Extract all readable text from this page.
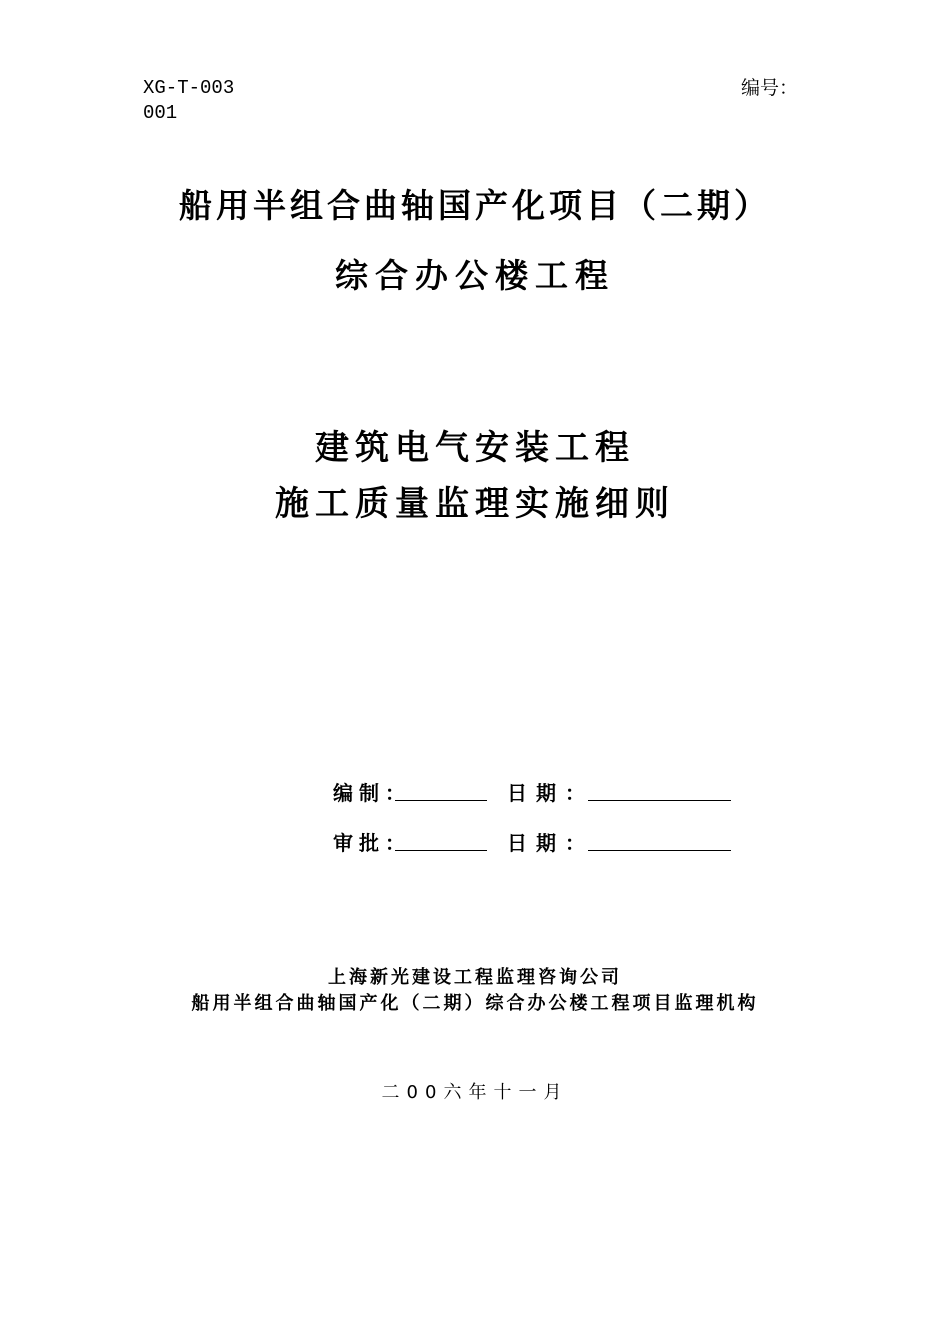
XG-T-003
001
编号：
船用半组合曲轴国产化项目（二期）
综合办公楼工程
建筑电气安装工程
施工质量监理实施细则
编制：	日期：
审批：	日期：
上海新光建设工程监理咨询公司
船用半组合曲轴国产化（二期）综合办公楼工程项目监理机构
二00六年十一月
